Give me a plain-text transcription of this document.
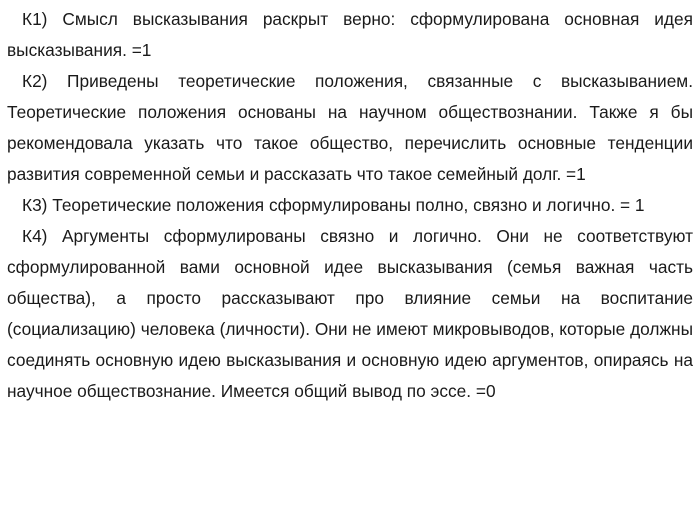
К1) Смысл высказывания раскрыт верно: сформулирована основная идея высказывания. =1

К2) Приведены теоретические положения, связанные с высказыванием. Теоретические положения основаны на научном обществознании. Также я бы рекомендовала указать что такое общество, перечислить основные тенденции развития современной семьи и рассказать что такое семейный долг. =1

К3) Теоретические положения сформулированы полно, связно и логично. = 1

К4) Аргументы сформулированы связно и логично. Они не соответствуют сформулированной вами основной идее высказывания (семья важная часть общества), а просто рассказывают про влияние семьи на воспитание (социализацию) человека (личности). Они не имеют микровыводов, которые должны соединять основную идею высказывания и основную идею аргументов, опираясь на научное обществознание. Имеется общий вывод по эссе. =0
